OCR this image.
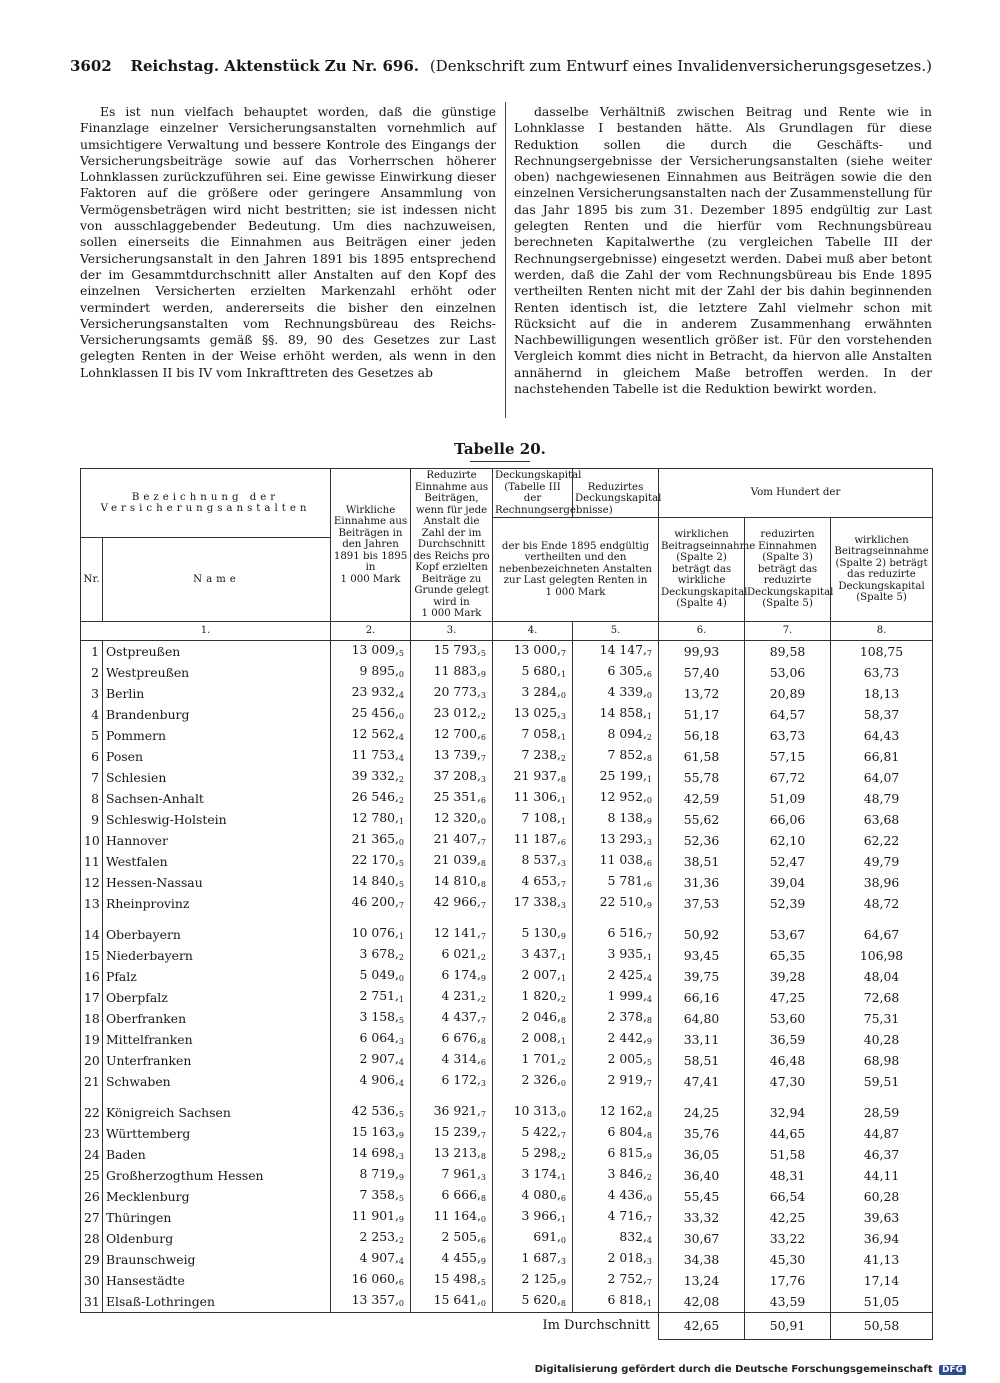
3602 Reichstag. Aktenstück Zu Nr. 696. (Denkschrift zum Entwurf eines Invalidenversicherungsgesetzes.)

Es ist nun vielfach behauptet worden, daß die günstige Finanzlage einzelner Versicherungsanstalten vornehmlich auf umsichtigere Verwaltung und bessere Kontrole des Eingangs der Versicherungsbeiträge sowie auf das Vorherrschen höherer Lohnklassen zurückzuführen sei. Eine gewisse Einwirkung dieser Faktoren auf die größere oder geringere Ansammlung von Vermögensbeträgen wird nicht bestritten; sie ist indessen nicht von ausschlaggebender Bedeutung. Um dies nachzuweisen, sollen einerseits die Einnahmen aus Beiträgen einer jeden Versicherungsanstalt in den Jahren 1891 bis 1895 entsprechend der im Gesammtdurchschnitt aller Anstalten auf den Kopf des einzelnen Versicherten erzielten Markenzahl erhöht oder vermindert werden, andererseits die bisher den einzelnen Versicherungsanstalten vom Rechnungsbüreau des Reichs-Versicherungsamts gemäß §§. 89, 90 des Gesetzes zur Last gelegten Renten in der Weise erhöht werden, als wenn in den Lohnklassen II bis IV vom Inkrafttreten des Gesetzes ab

dasselbe Verhältniß zwischen Beitrag und Rente wie in Lohnklasse I bestanden hätte. Als Grundlagen für diese Reduktion sollen die durch die Geschäfts- und Rechnungsergebnisse der Versicherungsanstalten (siehe weiter oben) nachgewiesenen Einnahmen aus Beiträgen sowie die den einzelnen Versicherungsanstalten nach der Zusammenstellung für das Jahr 1895 bis zum 31. Dezember 1895 endgültig zur Last gelegten Renten und die hierfür vom Rechnungsbüreau berechneten Kapitalwerthe (zu vergleichen Tabelle III der Rechnungsergebnisse) eingesetzt werden. Dabei muß aber betont werden, daß die Zahl der vom Rechnungsbüreau bis Ende 1895 vertheilten Renten nicht mit der Zahl der bis dahin beginnenden Renten identisch ist, die letztere Zahl vielmehr schon mit Rücksicht auf die in anderem Zusammenhang erwähnten Nachbewilligungen wesentlich größer ist. Für den vorstehenden Vergleich kommt dies nicht in Betracht, da hiervon alle Anstalten annähernd in gleichem Maße betroffen werden. In der nachstehenden Tabelle ist die Reduktion bewirkt worden.

Tabelle 20.
Bezeichnung der Versicherungsanstalten		Wirkliche Einnahme aus Beiträgen in den Jahren 1891 bis 1895 in
1 000 Mark	Reduzirte Einnahme aus Beiträgen, wenn für jede Anstalt die Zahl der im Durchschnitt des Reichs pro Kopf erzielten Beiträge zu Grunde gelegt wird in
1 000 Mark	Deckungskapital (Tabelle III der Rechnungsergebnisse)	Reduzirtes Deckungskapital	Vom Hundert der		
				der bis Ende 1895 endgültig vertheilten und den nebenbezeichneten Anstalten zur Last gelegten Renten in
1 000 Mark		wirklichen Beitragseinnahme (Spalte 2) beträgt das wirkliche Deckungskapital (Spalte 4)	reduzirten Einnahmen (Spalte 3) beträgt das reduzirte Deckungskapital (Spalte 5)	wirklichen Beitragseinnahme (Spalte 2) beträgt das reduzirte Deckungskapital (Spalte 5)
Nr.	Name							
1.		2.	3.	4.	5.	6.	7.	8.
1	Ostpreußen	13 $009,_5$	15 $793,_5$	13 $000,_7$	14 $147,_7$	99,93	89,58	108,75
2	Westpreußen	9 $895,_0$	11 $883,_9$	5 $680,_1$	6 $305,_6$	57,40	53,06	63,73
3	Berlin	23 $932,_4$	20 $773,_3$	3 $284,_0$	4 $339,_0$	13,72	20,89	18,13
4	Brandenburg	25 $456,_0$	23 $012,_2$	13 $025,_3$	14 $858,_1$	51,17	64,57	58,37
5	Pommern	12 $562,_4$	12 $700,_6$	7 $058,_1$	8 $094,_2$	56,18	63,73	64,43
6	Posen	11 $753,_4$	13 $739,_7$	7 $238,_2$	7 $852,_8$	61,58	57,15	66,81
7	Schlesien	39 $332,_2$	37 $208,_3$	21 $937,_8$	25 $199,_1$	55,78	67,72	64,07
8	Sachsen-Anhalt	26 $546,_2$	25 $351,_6$	11 $306,_1$	12 $952,_0$	42,59	51,09	48,79
9	Schleswig-Holstein	12 $780,_1$	12 $320,_0$	7 $108,_1$	8 $138,_9$	55,62	66,06	63,68
10	Hannover	21 $365,_0$	21 $407,_7$	11 $187,_6$	13 $293,_3$	52,36	62,10	62,22
11	Westfalen	22 $170,_5$	21 $039,_8$	8 $537,_3$	11 $038,_6$	38,51	52,47	49,79
12	Hessen-Nassau	14 $840,_5$	14 $810,_8$	4 $653,_7$	5 $781,_6$	31,36	39,04	38,96
13	Rheinprovinz	46 $200,_7$	42 $966,_7$	17 $338,_3$	22 $510,_9$	37,53	52,39	48,72

14	Oberbayern	10 $076,_1$	12 $141,_7$	5 $130,_9$	6 $516,_7$	50,92	53,67	64,67
15	Niederbayern	3 $678,_2$	6 $021,_2$	3 $437,_1$	3 $935,_1$	93,45	65,35	106,98
16	Pfalz	5 $049,_0$	6 $174,_9$	2 $007,_1$	2 $425,_4$	39,75	39,28	48,04
17	Oberpfalz	2 $751,_1$	4 $231,_2$	1 $820,_2$	1 $999,_4$	66,16	47,25	72,68
18	Oberfranken	3 $158,_5$	4 $437,_7$	2 $046,_8$	2 $378,_8$	64,80	53,60	75,31
19	Mittelfranken	6 $064,_3$	6 $676,_8$	2 $008,_1$	2 $442,_9$	33,11	36,59	40,28
20	Unterfranken	2 $907,_4$	4 $314,_6$	1 $701,_2$	2 $005,_5$	58,51	46,48	68,98
21	Schwaben	4 $906,_4$	6 $172,_3$	2 $326,_0$	2 $919,_7$	47,41	47,30	59,51

22	Königreich Sachsen	42 $536,_5$	36 $921,_7$	10 $313,_0$	12 $162,_8$	24,25	32,94	28,59
23	Württemberg	15 $163,_9$	15 $239,_7$	5 $422,_7$	6 $804,_8$	35,76	44,65	44,87
24	Baden	14 $698,_3$	13 $213,_8$	5 $298,_2$	6 $815,_9$	36,05	51,58	46,37
25	Großherzogthum Hessen	8 $719,_9$	7 $961,_3$	3 $174,_1$	3 $846,_2$	36,40	48,31	44,11
26	Mecklenburg	7 $358,_5$	6 $666,_8$	4 $080,_6$	4 $436,_0$	55,45	66,54	60,28
27	Thüringen	11 $901,_9$	11 $164,_0$	3 $966,_1$	4 $716,_7$	33,32	42,25	39,63
28	Oldenburg	2 $253,_2$	2 $505,_6$	$691,_0$	$832,_4$	30,67	33,22	36,94
29	Braunschweig	4 $907,_4$	4 $455,_9$	1 $687,_3$	2 $018,_3$	34,38	45,30	41,13
30	Hansestädte	16 $060,_6$	15 $498,_5$	2 $125,_9$	2 $752,_7$	13,24	17,76	17,14
31	Elsaß-Lothringen	13 $357,_0$	15 $641,_0$	5 $620,_8$	6 $818,_1$	42,08	43,59	51,05
				Im Durchschnitt		42,65	50,91	50,58
Digitalisierung gefördert durch die Deutsche Forschungsgemeinschaft DFG
